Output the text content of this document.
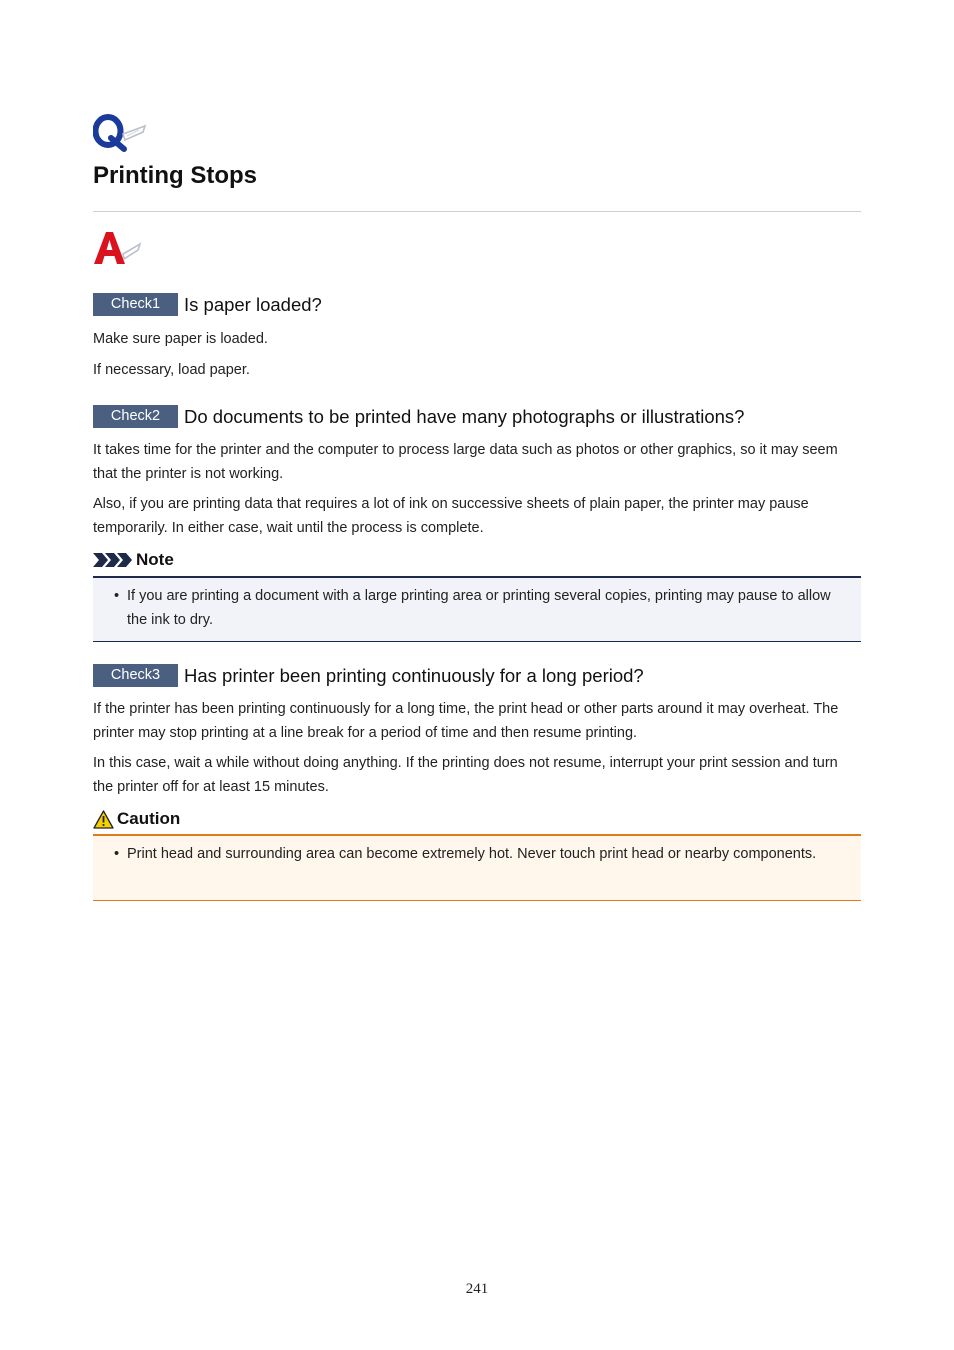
Printing Stops
Check1	Is paper loaded?

Make sure paper is loaded.

If necessary, load paper.

Check2	Do documents to be printed have many photographs or illustrations?

It takes time for the printer and the computer to process large data such as photos or other graphics, so it may seem that the printer is not working.

Also, if you are printing data that requires a lot of ink on successive sheets of plain paper, the printer may pause temporarily. In either case, wait until the process is complete.

Note
• If you are printing a document with a large printing area or printing several copies, printing may pause to allow the ink to dry.
Check3	Has printer been printing continuously for a long period?

If the printer has been printing continuously for a long time, the print head or other parts around it may overheat. The printer may stop printing at a line break for a period of time and then resume printing.

In this case, wait a while without doing anything. If the printing does not resume, interrupt your print session and turn the printer off for at least 15 minutes.

Caution
• Print head and surrounding area can become extremely hot. Never touch print head or nearby components.
241
